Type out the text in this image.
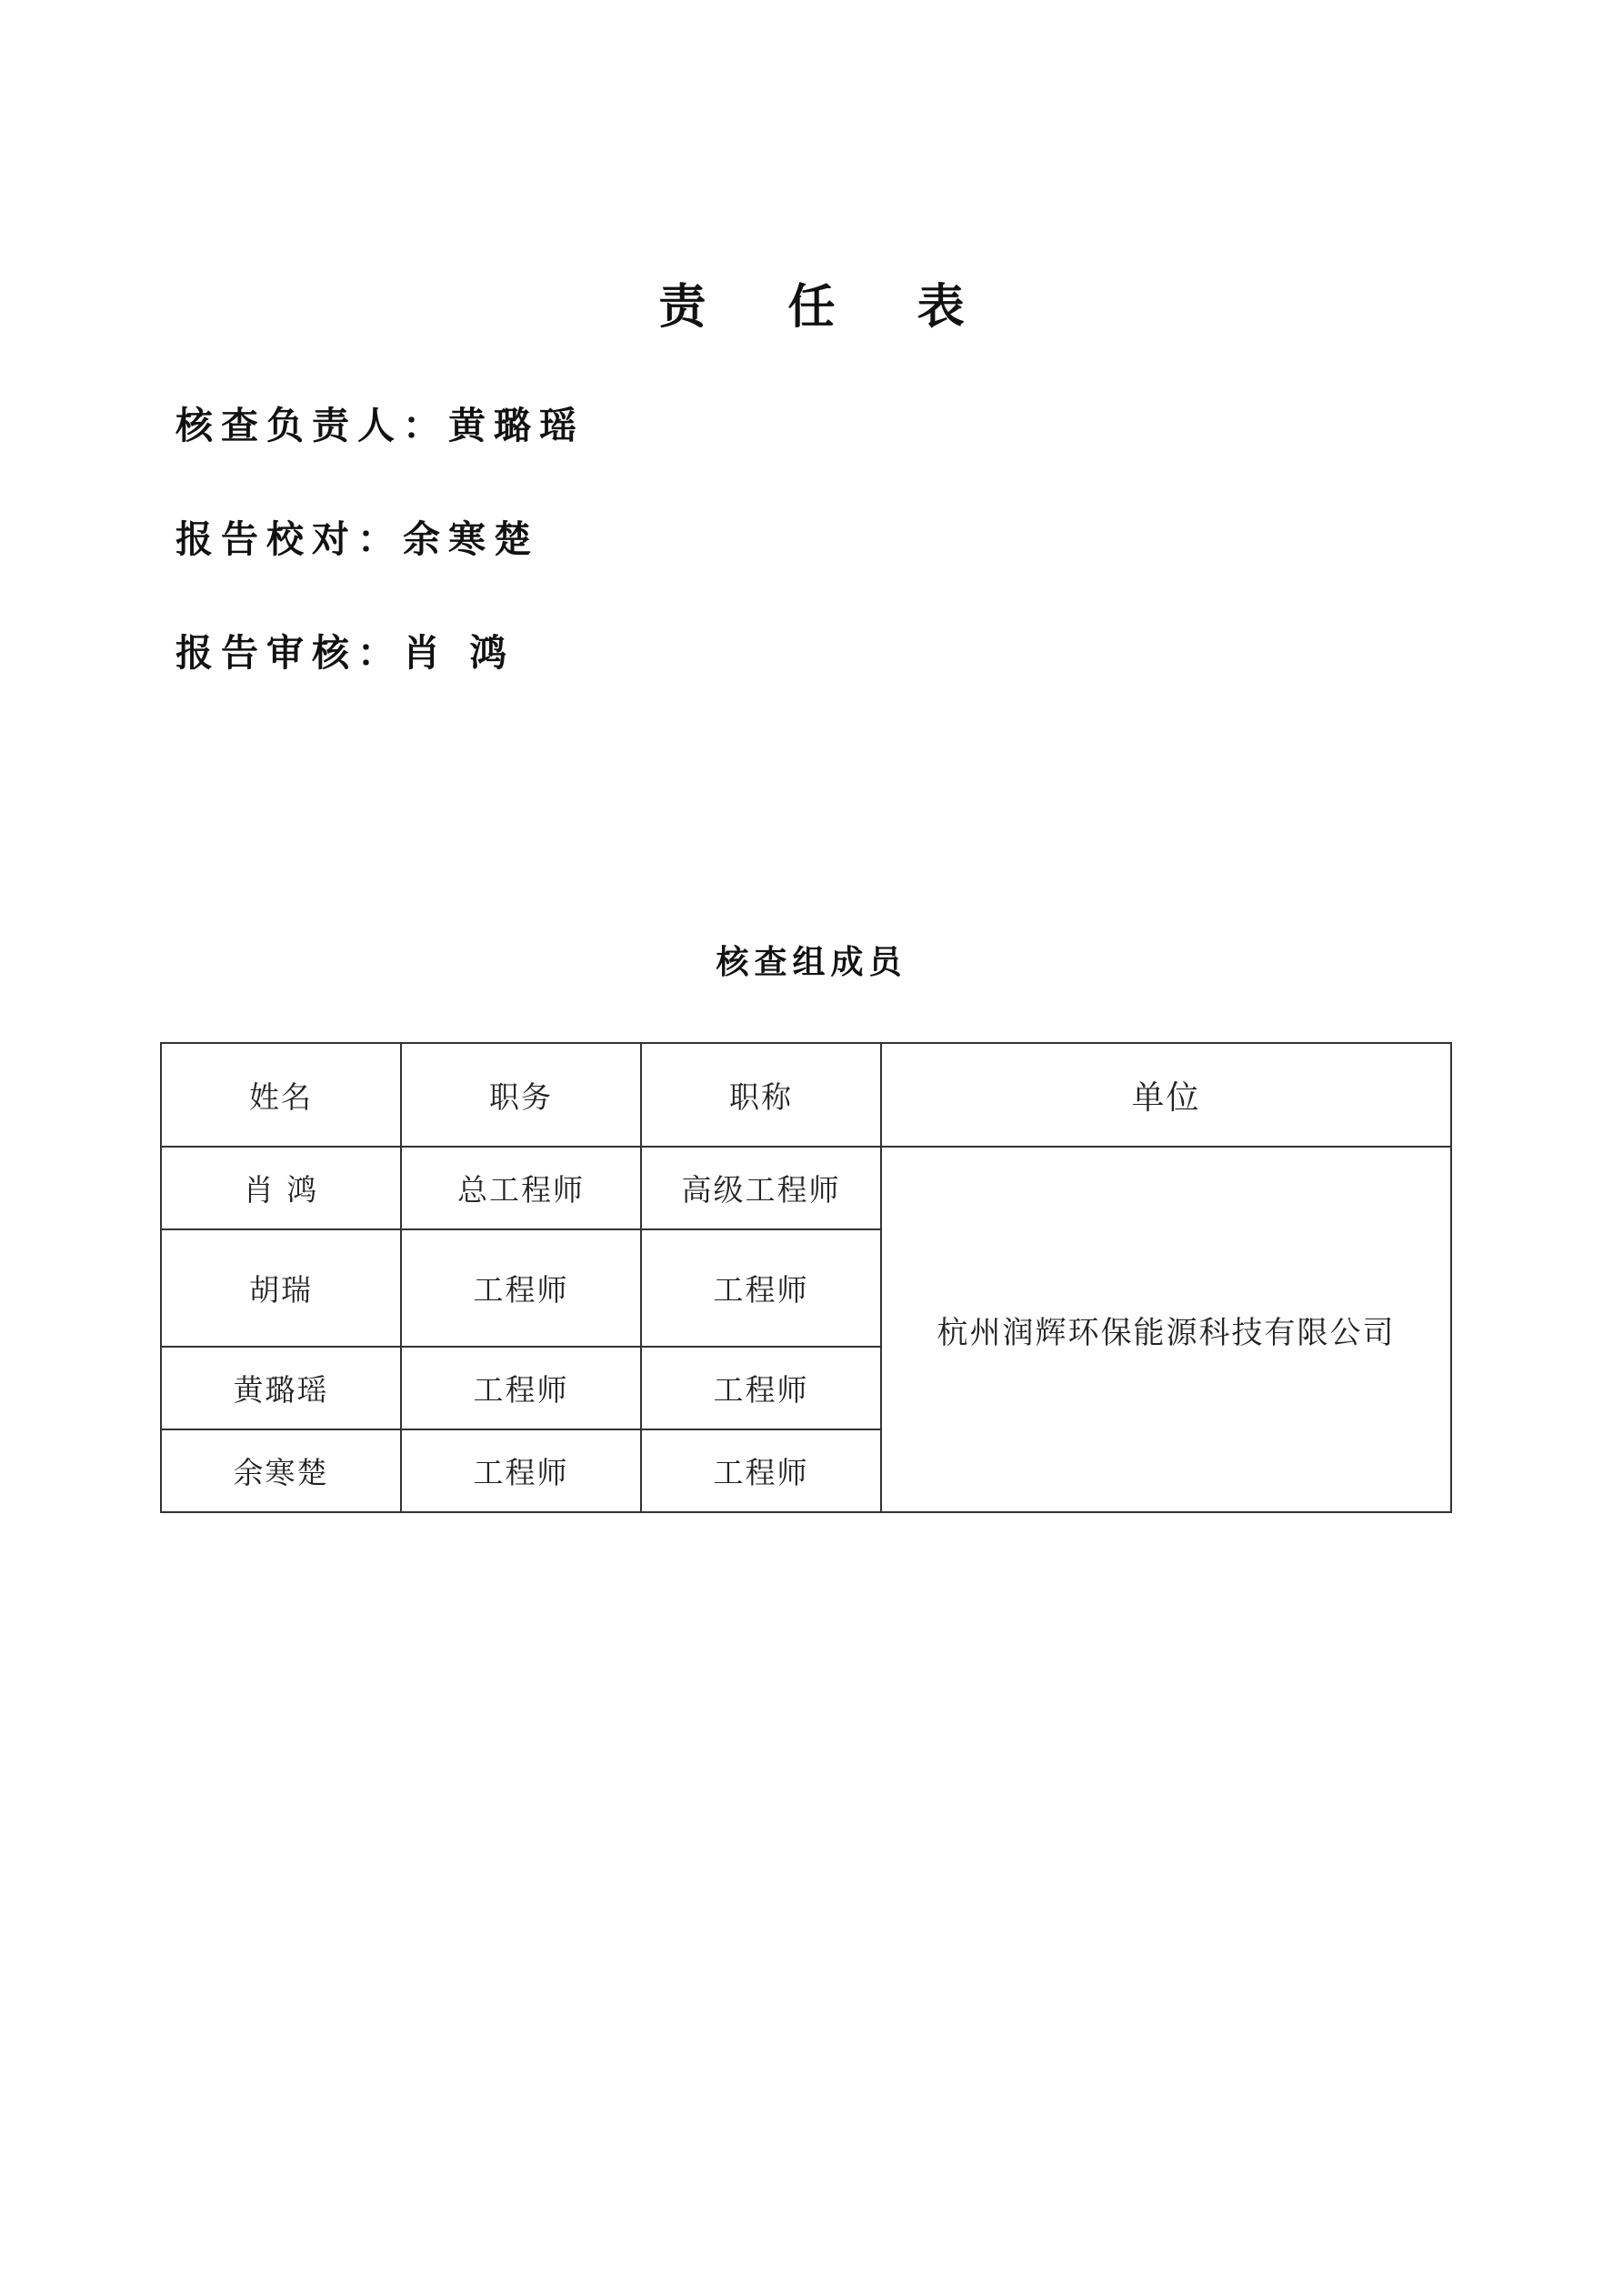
责 任 表
核查负责人：黄璐瑶
报告校对：余寒楚
报告审核：肖 鸿
核查组成员
姓名	职务	职称	单位
肖 鸿	总工程师	高级工程师	杭州润辉环保能源科技有限公司
胡瑞	工程师	工程师	
黄璐瑶	工程师	工程师	
余寒楚	工程师	工程师	
